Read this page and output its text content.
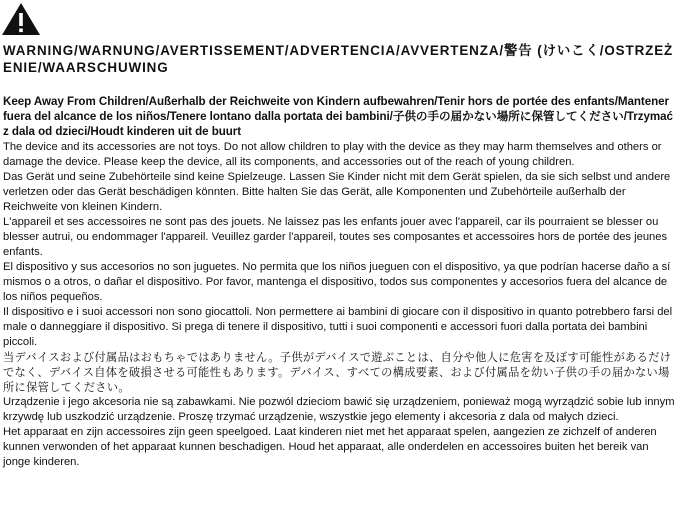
WARNING/WARNUNG/AVERTISSEMENT/ADVERTENCIA/AVVERTENZA/警告 (けいこく/OSTRZEŻENIE/WAARSCHUWING
Keep Away From Children/Außerhalb der Reichweite von Kindern aufbewahren/Tenir hors de portée des enfants/Mantener fuera del alcance de los niños/Tenere lontano dalla portata dei bambini/子供の手の届かない場所に保管してください/Trzymać z dala od dzieci/Houdt kinderen uit de buurt

The device and its accessories are not toys. Do not allow children to play with the device as they may harm themselves and others or damage the device. Please keep the device, all its components, and accessories out of the reach of young children.

Das Gerät und seine Zubehörteile sind keine Spielzeuge. Lassen Sie Kinder nicht mit dem Gerät spielen, da sie sich selbst und andere verletzen oder das Gerät beschädigen könnten. Bitte halten Sie das Gerät, alle Komponenten und Zubehörteile außerhalb der Reichweite von kleinen Kindern.

L'appareil et ses accessoires ne sont pas des jouets. Ne laissez pas les enfants jouer avec l'appareil, car ils pourraient se blesser ou blesser autrui, ou endommager l'appareil. Veuillez garder l'appareil, toutes ses composantes et accessoires hors de portée des jeunes enfants.

El dispositivo y sus accesorios no son juguetes. No permita que los niños jueguen con el dispositivo, ya que podrían hacerse daño a sí mismos o a otros, o dañar el dispositivo. Por favor, mantenga el dispositivo, todos sus componentes y accesorios fuera del alcance de los niños pequeños.

Il dispositivo e i suoi accessori non sono giocattoli. Non permettere ai bambini di giocare con il dispositivo in quanto potrebbero farsi del male o danneggiare il dispositivo. Si prega di tenere il dispositivo, tutti i suoi componenti e accessori fuori dalla portata dei bambini piccoli.

当デバイスおよび付属品はおもちゃではありません。子供がデバイスで遊ぶことは、自分や他人に危害を及ぼす可能性があるだけでなく、デバイス自体を破損させる可能性もあります。デバイス、すべての構成要素、および付属品を幼い子供の手の届かない場所に保管してください。

Urządzenie i jego akcesoria nie są zabawkami. Nie pozwól dzieciom bawić się urządzeniem, ponieważ mogą wyrządzić sobie lub innym krzywdę lub uszkodzić urządzenie. Proszę trzymać urządzenie, wszystkie jego elementy i akcesoria z dala od małych dzieci.

Het apparaat en zijn accessoires zijn geen speelgoed. Laat kinderen niet met het apparaat spelen, aangezien ze zichzelf of anderen kunnen verwonden of het apparaat kunnen beschadigen. Houd het apparaat, alle onderdelen en accessoires buiten het bereik van jonge kinderen.
